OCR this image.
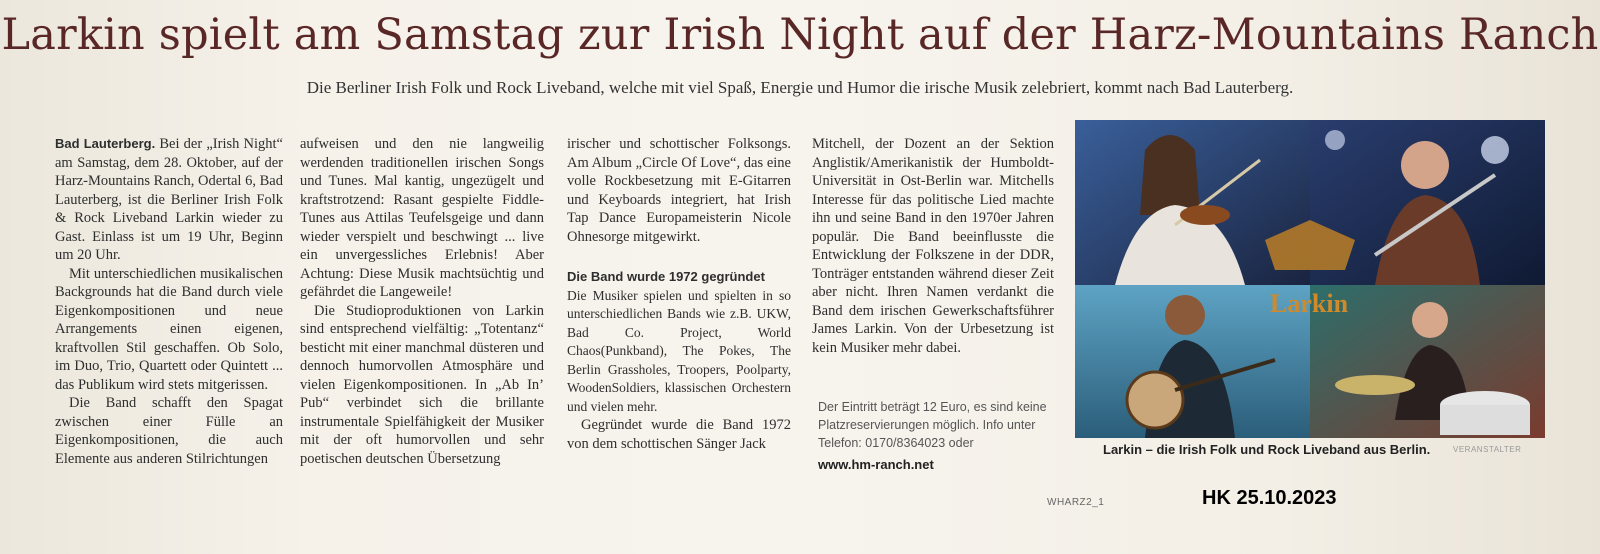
Larkin spielt am Samstag zur Irish Night auf der Harz-Mountains Ranch
Die Berliner Irish Folk und Rock Liveband, welche mit viel Spaß, Energie und Humor die irische Musik zelebriert, kommt nach Bad Lauterberg.

Bad Lauterberg. Bei der „Irish Night“ am Samstag, dem 28. Oktober, auf der Harz-Mountains Ranch, Odertal 6, Bad Lauterberg, ist die Berliner Irish Folk & Rock Liveband Larkin wieder zu Gast. Einlass ist um 19 Uhr, Beginn um 20 Uhr.

Mit unterschiedlichen musikalischen Backgrounds hat die Band durch viele Eigenkompositionen und neue Arrangements einen eigenen, kraftvollen Stil geschaffen. Ob Solo, im Duo, Trio, Quartett oder Quintett ... das Publikum wird stets mitgerissen.

Die Band schafft den Spagat zwischen einer Fülle an Eigenkompositionen, die auch Elemente aus anderen Stilrichtungen

aufweisen und den nie langweilig werdenden traditionellen irischen Songs und Tunes. Mal kantig, ungezügelt und kraftstrotzend: Rasant gespielte Fiddle-Tunes aus Attilas Teufelsgeige und dann wieder verspielt und beschwingt ... live ein unvergessliches Erlebnis! Aber Achtung: Diese Musik machtsüchtig und gefährdet die Langeweile!

Die Studioproduktionen von Larkin sind entsprechend vielfältig: „Totentanz“ besticht mit einer manchmal düsteren und dennoch humorvollen Atmosphäre und vielen Eigenkompositionen. In „Ab In’ Pub“ verbindet sich die brillante instrumentale Spielfähigkeit der Musiker mit der oft humorvollen und sehr poetischen deutschen Übersetzung

irischer und schottischer Folksongs. Am Album „Circle Of Love“, das eine volle Rockbesetzung mit E-Gitarren und Keyboards integriert, hat Irish Tap Dance Europameisterin Nicole Ohnesorge mitgewirkt.

Die Band wurde 1972 gegründet

Die Musiker spielen und spielten in so unterschiedlichen Bands wie z.B. UKW, Bad Co. Project, World Chaos(Punkband), The Pokes, The Berlin Grassholes, Troopers, Poolparty, WoodenSoldiers, klassischen Orchestern und vielen mehr.

Gegründet wurde die Band 1972 von dem schottischen Sänger Jack

Mitchell, der Dozent an der Sektion Anglistik/Amerikanistik der Humboldt-Universität in Ost-Berlin war. Mitchells Interesse für das politische Lied machte ihn und seine Band in den 1970er Jahren populär. Die Band beeinflusste die Entwicklung der Folkszene in der DDR, Tonträger entstanden während dieser Zeit aber nicht. Ihren Namen verdankt die Band dem irischen Gewerkschaftsführer James Larkin. Von der Urbesetzung ist kein Musiker mehr dabei.

Der Eintritt beträgt 12 Euro, es sind keine Platzreservierungen möglich. Info unter Telefon: 0170/8364023 oder
www.hm-ranch.net
Larkin
Larkin – die Irish Folk und Rock Liveband aus Berlin.	VERANSTALTER
WHARZ2_1	HK 25.10.2023
